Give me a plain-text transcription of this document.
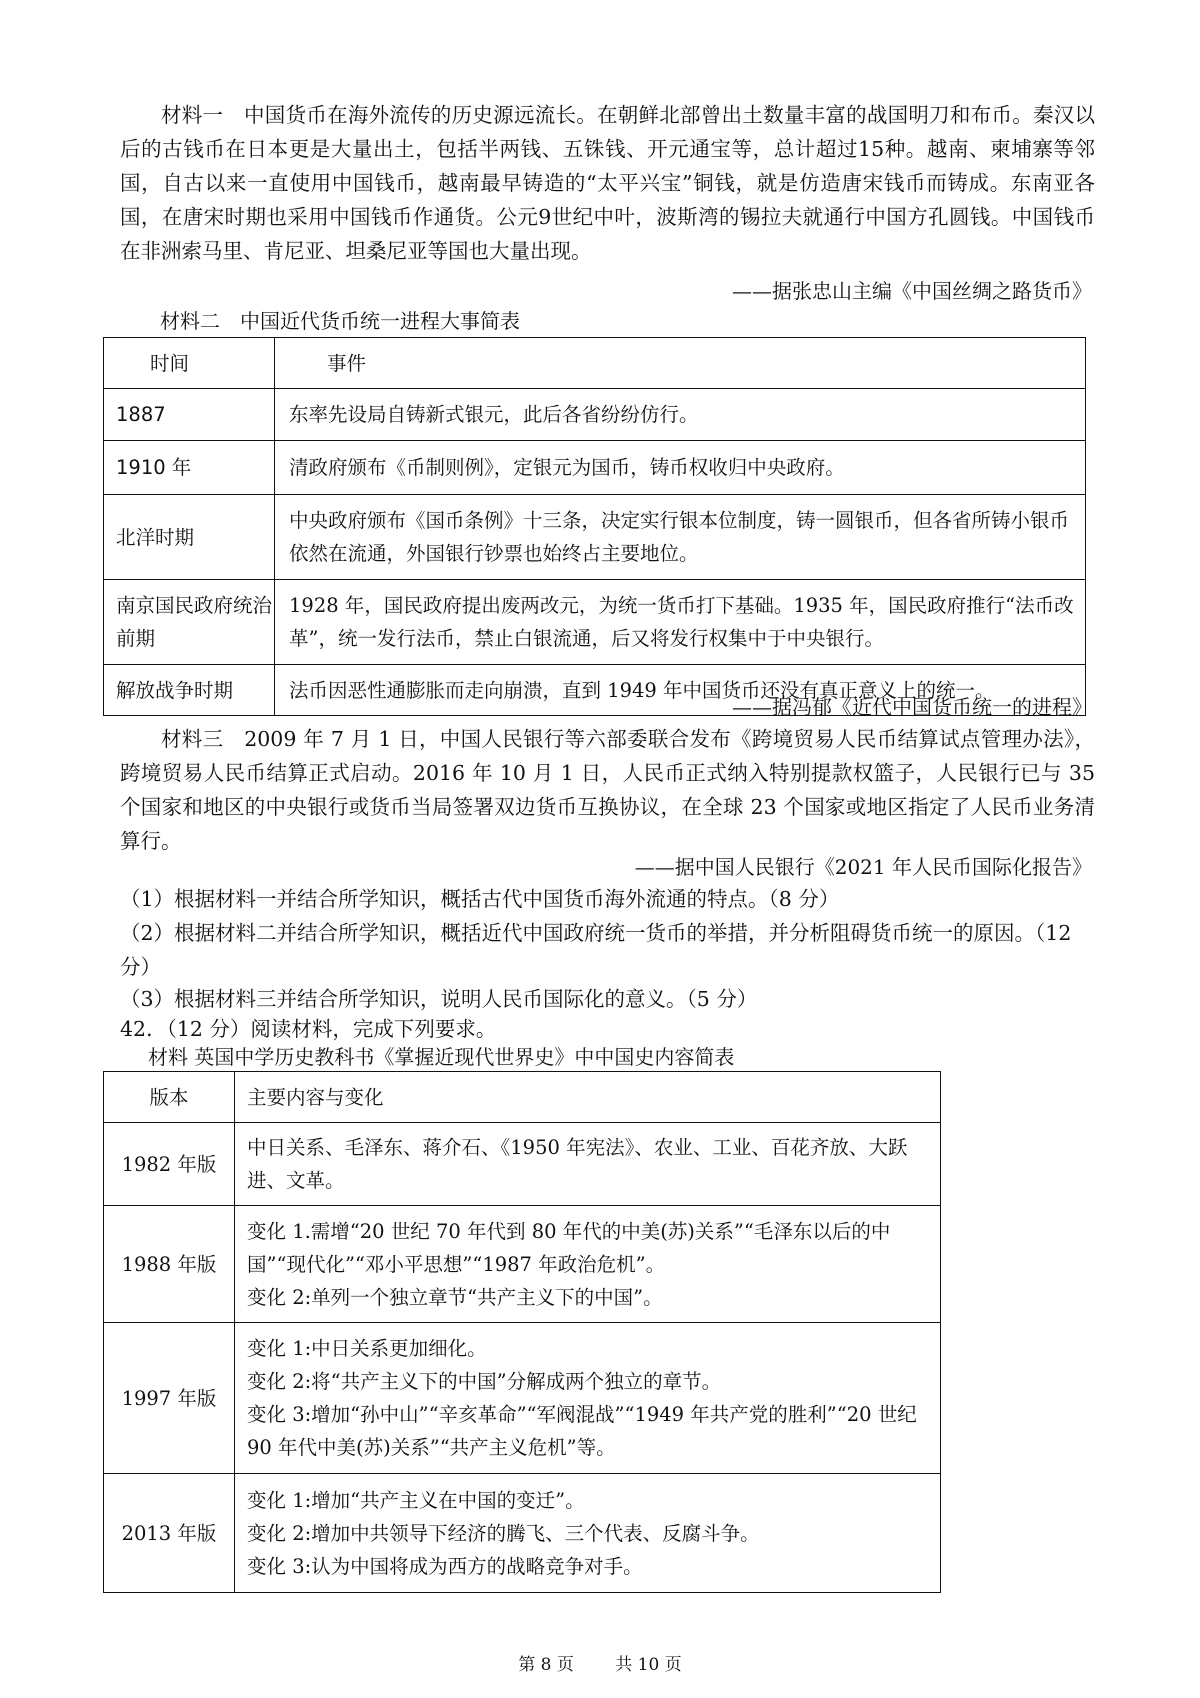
材料一　中国货币在海外流传的历史源远流长。在朝鲜北部曾出土数量丰富的战国明刀和布币。秦汉以后的古钱币在日本更是大量出土，包括半两钱、五铢钱、开元通宝等，总计超过15种。越南、柬埔寨等邻国，自古以来一直使用中国钱币，越南最早铸造的“太平兴宝”铜钱，就是仿造唐宋钱币而铸成。东南亚各国，在唐宋时期也采用中国钱币作通货。公元9世纪中叶，波斯湾的锡拉夫就通行中国方孔圆钱。中国钱币在非洲索马里、肯尼亚、坦桑尼亚等国也大量出现。

——据张忠山主编《中国丝绸之路货币》

材料二　中国近代货币统一进程大事简表

时间	事件
1887	东率先设局自铸新式银元，此后各省纷纷仿行。
1910 年	清政府颁布《币制则例》，定银元为国币，铸币权收归中央政府。
北洋时期	中央政府颁布《国币条例》十三条，决定实行银本位制度，铸一圆银币，但各省所铸小银币依然在流通，外国银行钞票也始终占主要地位。
南京国民政府统治前期	1928 年，国民政府提出废两改元，为统一货币打下基础。1935 年，国民政府推行“法币改革”，统一发行法币，禁止白银流通，后又将发行权集中于中央银行。
解放战争时期	法币因恶性通膨胀而走向崩溃，直到 1949 年中国货币还没有真正意义上的统一。

——据冯郁《近代中国货币统一的进程》

材料三　2009 年 7 月 1 日，中国人民银行等六部委联合发布《跨境贸易人民币结算试点管理办法》，跨境贸易人民币结算正式启动。2016 年 10 月 1 日，人民币正式纳入特别提款权篮子，人民银行已与 35 个国家和地区的中央银行或货币当局签署双边货币互换协议，在全球 23 个国家或地区指定了人民币业务清算行。

——据中国人民银行《2021 年人民币国际化报告》

（1）根据材料一并结合所学知识，概括古代中国货币海外流通的特点。（8 分）

（2）根据材料二并结合所学知识，概括近代中国政府统一货币的举措，并分析阻碍货币统一的原因。（12 分）

（3）根据材料三并结合所学知识，说明人民币国际化的意义。（5 分）

42．（12 分）阅读材料，完成下列要求。

材料 英国中学历史教科书《掌握近现代世界史》中中国史内容简表

版本	主要内容与变化
1982 年版	中日关系、毛泽东、蒋介石、《1950 年宪法》、农业、工业、百花齐放、大跃进、文革。

1988 年版	变化 1.需增“20 世纪 70 年代到 80 年代的中美(苏)关系”“毛泽东以后的中国”“现代化”“邓小平思想”“1987 年政治危机”。
变化 2:单列一个独立章节“共产主义下的中国”。

1997 年版	变化 1:中日关系更加细化。
变化 2:将“共产主义下的中国”分解成两个独立的章节。
变化 3:增加“孙中山”“辛亥革命”“军阀混战”“1949 年共产党的胜利”“20 世纪 90 年代中美(苏)关系”“共产主义危机”等。

2013 年版	变化 1:增加“共产主义在中国的变迁”。
变化 2:增加中共领导下经济的腾飞、三个代表、反腐斗争。
变化 3:认为中国将成为西方的战略竞争对手。

第 8 页 共 10 页
